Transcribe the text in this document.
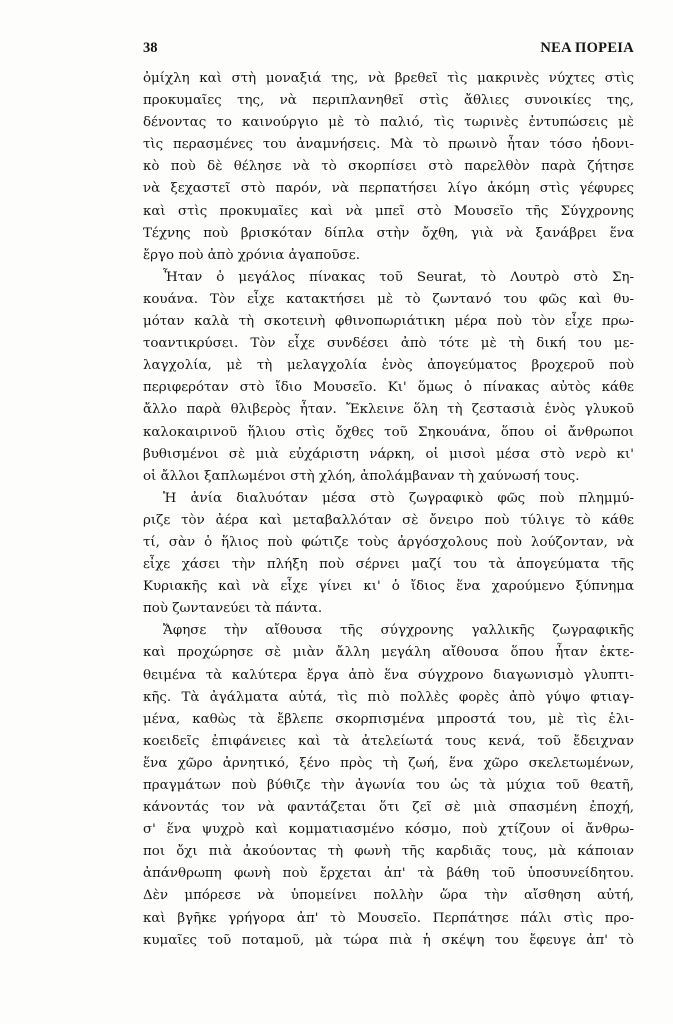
38	ΝΕΑ ΠΟΡΕΙΑ
ὀμίχλη καὶ στὴ μοναξιά της, νὰ βρεθεῖ τὶς μακρινὲς νύχτες στὶς
προκυμαῖες της, νὰ περιπλανηθεῖ στὶς ἄθλιες συνοικίες της,
δένοντας το καινούργιο μὲ τὸ παλιό, τὶς τωρινὲς ἐντυπώσεις μὲ
τὶς περασμένες του ἀναμνήσεις. Μὰ τὸ πρωινὸ ἦταν τόσο ἡδονι-
κὸ ποὺ δὲ θέλησε νὰ τὸ σκορπίσει στὸ παρελθὸν παρὰ ζήτησε
νὰ ξεχαστεῖ στὸ παρόν, νὰ περπατήσει λίγο ἀκόμη στὶς γέφυρες
καὶ στὶς προκυμαῖες καὶ νὰ μπεῖ στὸ Μουσεῖο τῆς Σύγχρονης
Τέχνης ποὺ βρισκόταν δίπλα στὴν ὄχθη, γιὰ νὰ ξανάβρει ἕνα
ἔργο ποὺ ἀπὸ χρόνια ἀγαποῦσε.
Ἦταν ὁ μεγάλος πίνακας τοῦ Seurat, τὸ Λουτρὸ στὸ Ση-
κουάνα. Τὸν εἶχε κατακτήσει μὲ τὸ ζωντανό του φῶς καὶ θυ-
μόταν καλὰ τὴ σκοτεινὴ φθινοπωριάτικη μέρα ποὺ τὸν εἶχε πρω-
τοαντικρύσει. Τὸν εἶχε συνδέσει ἀπὸ τότε μὲ τὴ δική του με-
λαγχολία, μὲ τὴ μελαγχολία ἑνὸς ἀπογεύματος βροχεροῦ ποὺ
περιφερόταν στὸ ἴδιο Μουσεῖο. Κι' ὅμως ὁ πίνακας αὐτὸς κάθε
ἄλλο παρὰ θλιβερὸς ἦταν. Ἔκλεινε ὅλη τὴ ζεστασιὰ ἑνὸς γλυκοῦ
καλοκαιρινοῦ ἥλιου στὶς ὄχθες τοῦ Σηκουάνα, ὅπου οἱ ἄνθρωποι
βυθισμένοι σὲ μιὰ εὐχάριστη νάρκη, οἱ μισοὶ μέσα στὸ νερὸ κι'
οἱ ἄλλοι ξαπλωμένοι στὴ χλόη, ἀπολάμβαναν τὴ χαύνωσή τους.
Ἡ ἀνία διαλυόταν μέσα στὸ ζωγραφικὸ φῶς ποὺ πλημμύ-
ριζε τὸν ἀέρα καὶ μεταβαλλόταν σὲ ὄνειρο ποὺ τύλιγε τὸ κάθε
τί, σὰν ὁ ἥλιος ποὺ φώτιζε τοὺς ἀργόσχολους ποὺ λούζονταν, νὰ
εἶχε χάσει τὴν πλήξη ποὺ σέρνει μαζί του τὰ ἀπογεύματα τῆς
Κυριακῆς καὶ νὰ εἶχε γίνει κι' ὁ ἴδιος ἕνα χαρούμενο ξύπνημα
ποὺ ζωντανεύει τὰ πάντα.
Ἄφησε τὴν αἴθουσα τῆς σύγχρονης γαλλικῆς ζωγραφικῆς
καὶ προχώρησε σὲ μιὰν ἄλλη μεγάλη αἴθουσα ὅπου ἦταν ἐκτε-
θειμένα τὰ καλύτερα ἔργα ἀπὸ ἕνα σύγχρονο διαγωνισμὸ γλυπτι-
κῆς. Τὰ ἀγάλματα αὐτά, τὶς πιὸ πολλὲς φορὲς ἀπὸ γύψο φτιαγ-
μένα, καθὼς τὰ ἔβλεπε σκορπισμένα μπροστά του, μὲ τὶς ἑλι-
κοειδεῖς ἐπιφάνειες καὶ τὰ ἀτελείωτά τους κενά, τοῦ ἔδειχναν
ἕνα χῶρο ἀρνητικό, ξένο πρὸς τὴ ζωή, ἕνα χῶρο σκελετωμένων,
πραγμάτων ποὺ βύθιζε τὴν ἀγωνία του ὡς τὰ μύχια τοῦ θεατῆ,
κάνοντάς τον νὰ φαντάζεται ὅτι ζεῖ σὲ μιὰ σπασμένη ἐποχή,
σ' ἕνα ψυχρὸ καὶ κομματιασμένο κόσμο, ποὺ χτίζουν οἱ ἄνθρω-
ποι ὄχι πιὰ ἀκούοντας τὴ φωνὴ τῆς καρδιᾶς τους, μὰ κάποιαν
ἀπάνθρωπη φωνὴ ποὺ ἔρχεται ἀπ' τὰ βάθη τοῦ ὑποσυνείδητου.
Δὲν μπόρεσε νὰ ὑπομείνει πολλὴν ὥρα τὴν αἴσθηση αὐτή,
καὶ βγῆκε γρήγορα ἀπ' τὸ Μουσεῖο. Περπάτησε πάλι στὶς προ-
κυμαῖες τοῦ ποταμοῦ, μὰ τώρα πιὰ ἡ σκέψη του ἔφευγε ἀπ' τὸ
